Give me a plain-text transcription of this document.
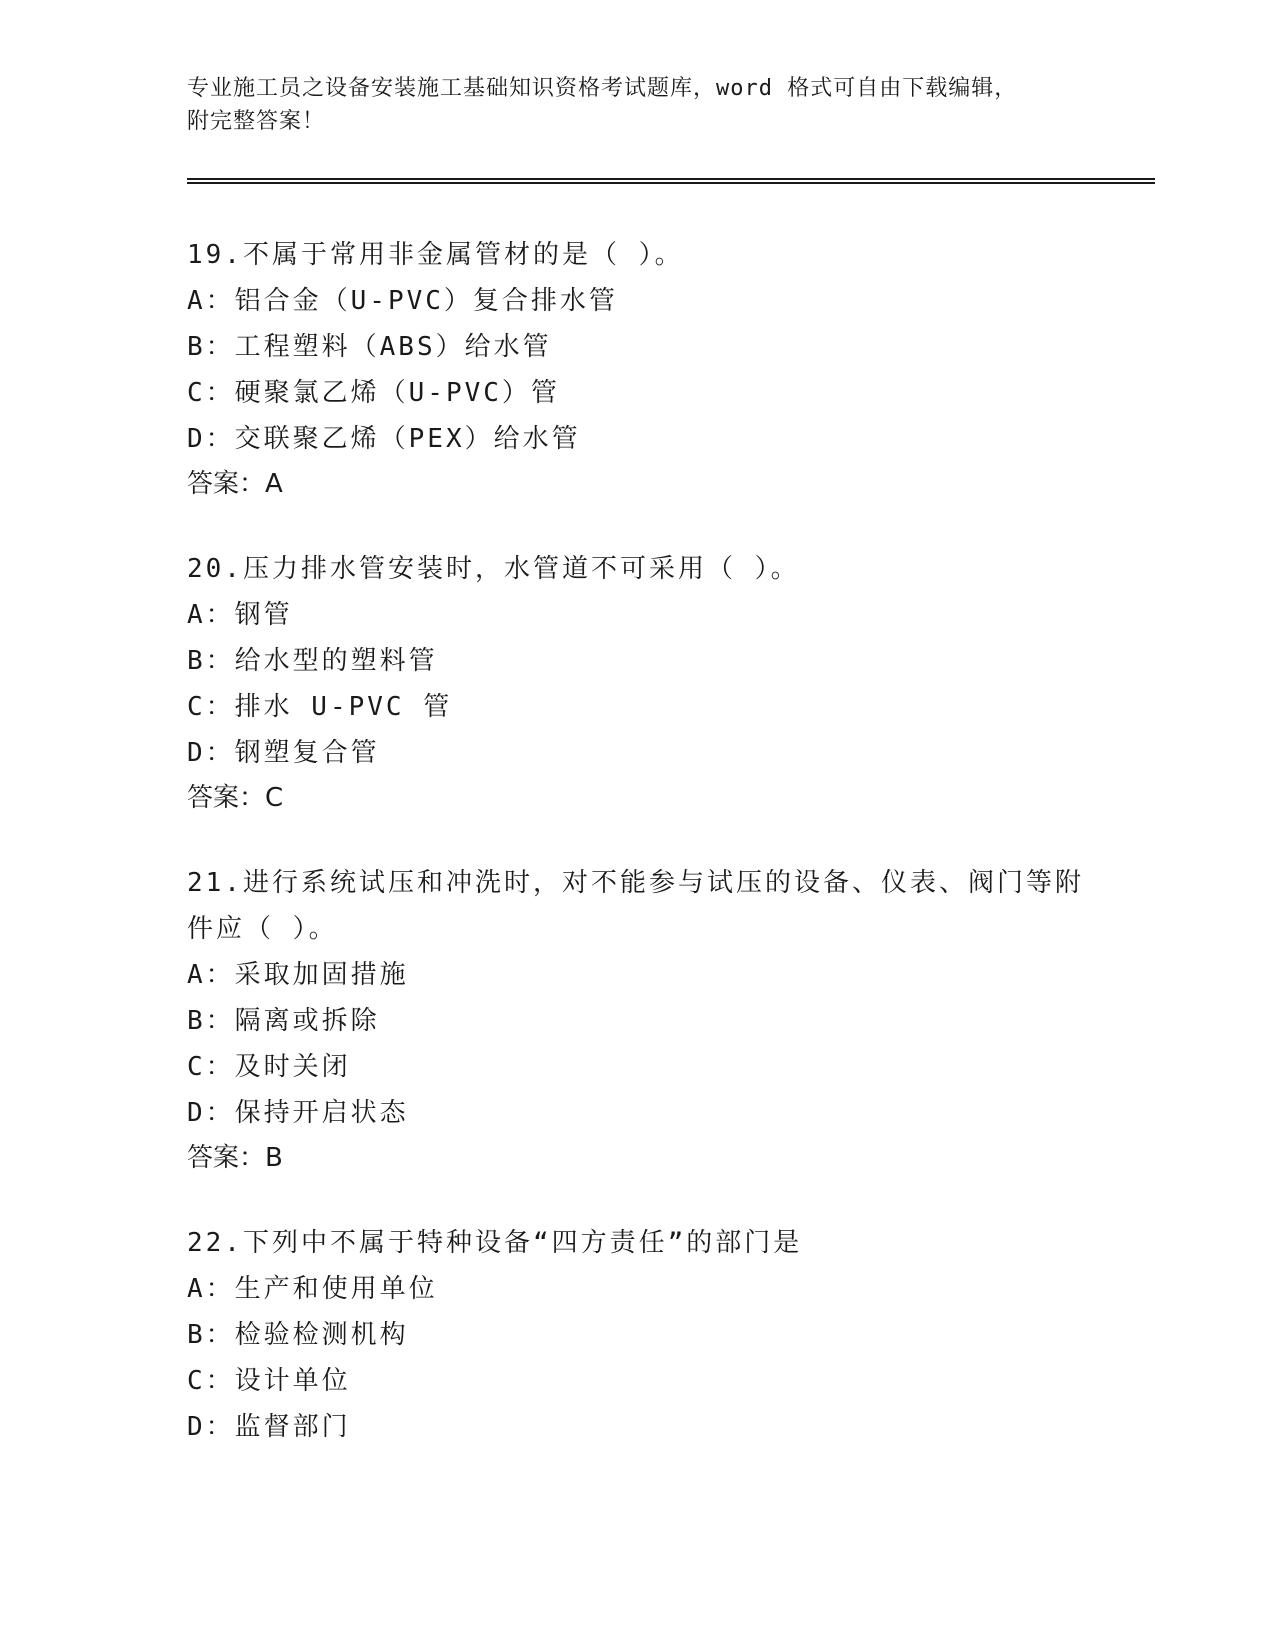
专业施工员之设备安装施工基础知识资格考试题库，word 格式可自由下载编辑，
附完整答案！
19.不属于常用非金属管材的是（ ）。
A：铝合金（U-PVC）复合排水管
B：工程塑料（ABS）给水管
C：硬聚氯乙烯（U-PVC）管
D：交联聚乙烯（PEX）给水管
答案：A
20.压力排水管安装时，水管道不可采用（ ）。
A：钢管
B：给水型的塑料管
C：排水 U-PVC 管
D：钢塑复合管
答案：C
21.进行系统试压和冲洗时，对不能参与试压的设备、仪表、阀门等附件应（ ）。
A：采取加固措施
B：隔离或拆除
C：及时关闭
D：保持开启状态
答案：B
22.下列中不属于特种设备“四方责任”的部门是
A：生产和使用单位
B：检验检测机构
C：设计单位
D：监督部门
